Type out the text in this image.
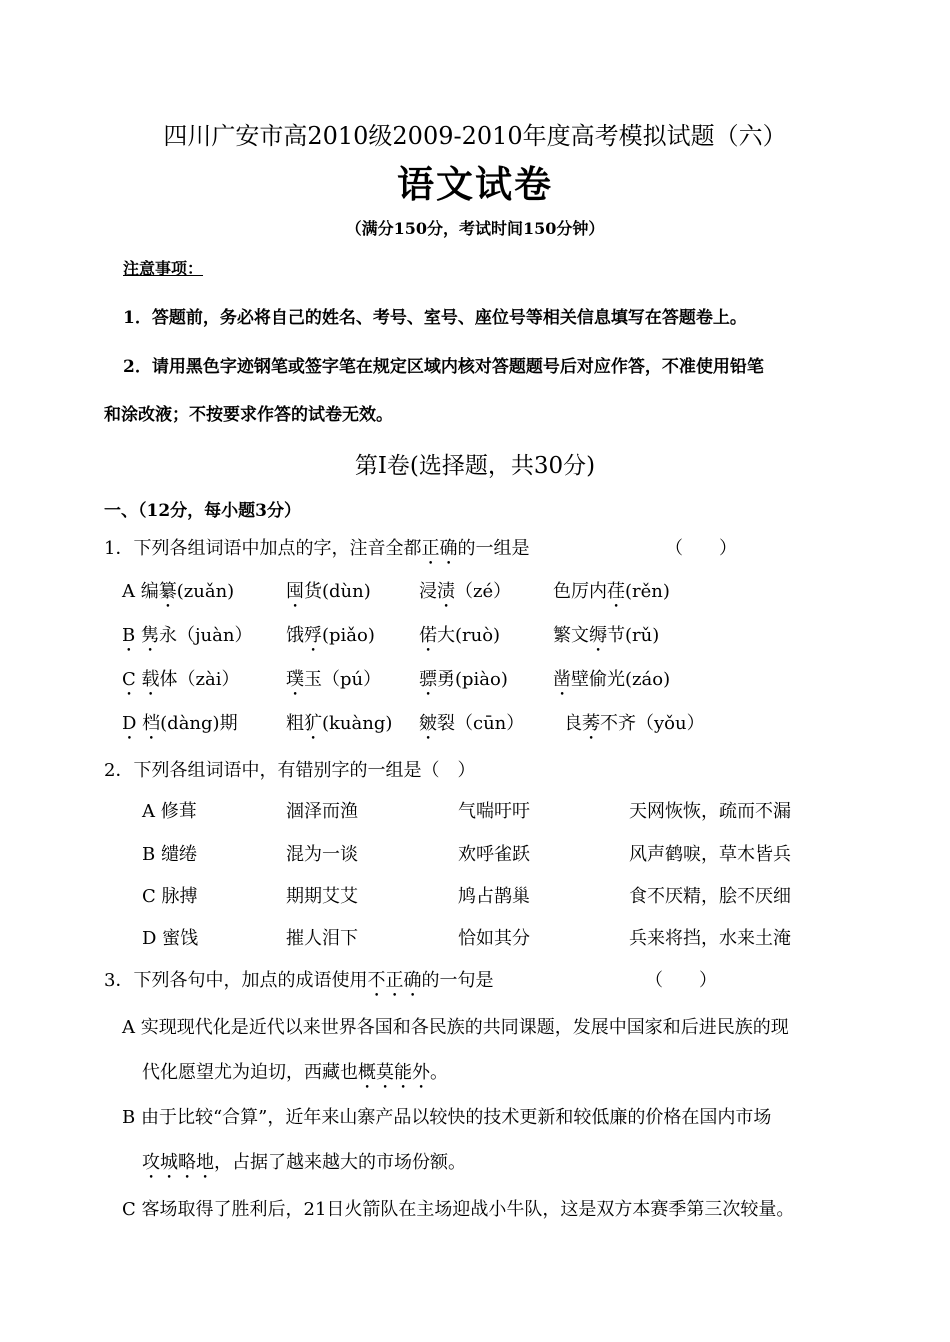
四川广安市高2010级2009-2010年度高考模拟试题（六）
语文试卷
（满分150分，考试时间150分钟）
注意事项：
1．答题前，务必将自己的姓名、考号、室号、座位号等相关信息填写在答题卷上。
2．请用黑色字迹钢笔或签字笔在规定区域内核对答题题号后对应作答，不准使用铅笔
和涂改液；不按要求作答的试卷无效。
第Ⅰ卷(选择题，共30分)
一、（12分，每小题3分）
1．下列各组词语中加点的字，注音全都正确的一组是	（　　）
A 编纂(zuǎn)	囤货(dùn)	浸渍（zé） 色厉内荏(rěn)
B 隽永（juàn） 饿殍(piǎo) 偌大(ruò)	繁文缛节(rǔ)
C 载体（zài）	璞玉（pú） 骠勇(piào)	凿壁偷光(záo)
D 档(dàng)期	粗犷(kuàng) 皴裂（cūn） 良莠不齐（yǒu）
2．下列各组词语中，有错别字的一组是（　）
A 修葺	涸泽而渔	气喘吁吁	天网恢恢，疏而不漏
B 缱绻	混为一谈	欢呼雀跃	风声鹤唳，草木皆兵
C 脉搏	期期艾艾	鸠占鹊巢	食不厌精，脍不厌细
D 蜜饯	摧人泪下	恰如其分	兵来将挡，水来土淹
3．下列各句中，加点的成语使用不正确的一句是	（　　）
A 实现现代化是近代以来世界各国和各民族的共同课题，发展中国家和后进民族的现
代化愿望尤为迫切，西藏也概莫能外。
B 由于比较“合算”，近年来山寨产品以较快的技术更新和较低廉的价格在国内市场
攻城略地，占据了越来越大的市场份额。
C 客场取得了胜利后，21日火箭队在主场迎战小牛队，这是双方本赛季第三次较量。
